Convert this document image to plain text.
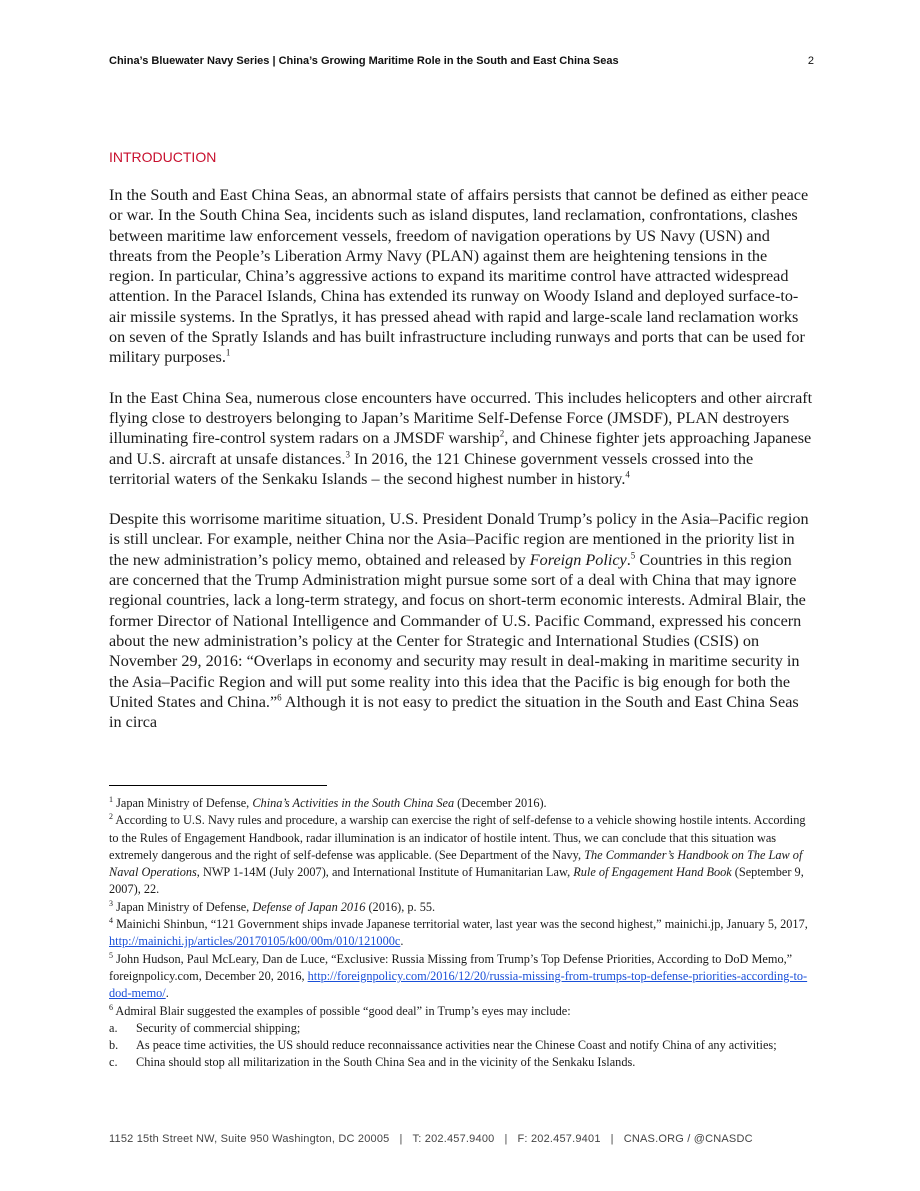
China’s Bluewater Navy Series | China’s Growing Maritime Role in the South and East China Seas	2
INTRODUCTION

In the South and East China Seas, an abnormal state of affairs persists that cannot be defined as either peace or war. In the South China Sea, incidents such as island disputes, land reclamation, confrontations, clashes between maritime law enforcement vessels, freedom of navigation operations by US Navy (USN) and threats from the People’s Liberation Army Navy (PLAN) against them are heightening tensions in the region. In particular, China’s aggressive actions to expand its maritime control have attracted widespread attention. In the Paracel Islands, China has extended its runway on Woody Island and deployed surface-to-air missile systems. In the Spratlys, it has pressed ahead with rapid and large-scale land reclamation works on seven of the Spratly Islands and has built infrastructure including runways and ports that can be used for military purposes.$^1$

In the East China Sea, numerous close encounters have occurred. This includes helicopters and other aircraft flying close to destroyers belonging to Japan’s Maritime Self-Defense Force (JMSDF), PLAN destroyers illuminating fire-control system radars on a JMSDF warship$^2$, and Chinese fighter jets approaching Japanese and U.S. aircraft at unsafe distances.$^3$ In 2016, the 121 Chinese government vessels crossed into the territorial waters of the Senkaku Islands – the second highest number in history.$^4$

Despite this worrisome maritime situation, U.S. President Donald Trump’s policy in the Asia–Pacific region is still unclear. For example, neither China nor the Asia–Pacific region are mentioned in the priority list in the new administration’s policy memo, obtained and released by Foreign Policy.$^5$ Countries in this region are concerned that the Trump Administration might pursue some sort of a deal with China that may ignore regional countries, lack a long-term strategy, and focus on short-term economic interests. Admiral Blair, the former Director of National Intelligence and Commander of U.S. Pacific Command, expressed his concern about the new administration’s policy at the Center for Strategic and International Studies (CSIS) on November 29, 2016: “Overlaps in economy and security may result in deal-making in maritime security in the Asia–Pacific Region and will put some reality into this idea that the Pacific is big enough for both the United States and China.”$^6$ Although it is not easy to predict the situation in the South and East China Seas in circa

$^1$ Japan Ministry of Defense, China’s Activities in the South China Sea (December 2016).

$^2$ According to U.S. Navy rules and procedure, a warship can exercise the right of self-defense to a vehicle showing hostile intents. According to the Rules of Engagement Handbook, radar illumination is an indicator of hostile intent. Thus, we can conclude that this situation was extremely dangerous and the right of self-defense was applicable. (See Department of the Navy, The Commander’s Handbook on The Law of Naval Operations, NWP 1-14M (July 2007), and International Institute of Humanitarian Law, Rule of Engagement Hand Book (September 9, 2007), 22.

$^3$ Japan Ministry of Defense, Defense of Japan 2016 (2016), p. 55.

$^4$ Mainichi Shinbun, “121 Government ships invade Japanese territorial water, last year was the second highest,” mainichi.jp, January 5, 2017, http://mainichi.jp/articles/20170105/k00/00m/010/121000c.

$^5$ John Hudson, Paul McLeary, Dan de Luce, “Exclusive: Russia Missing from Trump’s Top Defense Priorities, According to DoD Memo,” foreignpolicy.com, December 20, 2016, http://foreignpolicy.com/2016/12/20/russia-missing-from-trumps-top-defense-priorities-according-to-dod-memo/.

$^6$ Admiral Blair suggested the examples of possible “good deal” in Trump’s eyes may include:

a.	Security of commercial shipping;
b.	As peace time activities, the US should reduce reconnaissance activities near the Chinese Coast and notify China of any activities;
c.	China should stop all militarization in the South China Sea and in the vicinity of the Senkaku Islands.
1152 15th Street NW, Suite 950 Washington, DC 20005 | T: 202.457.9400 | F: 202.457.9401 | CNAS.ORG / @CNASDC
